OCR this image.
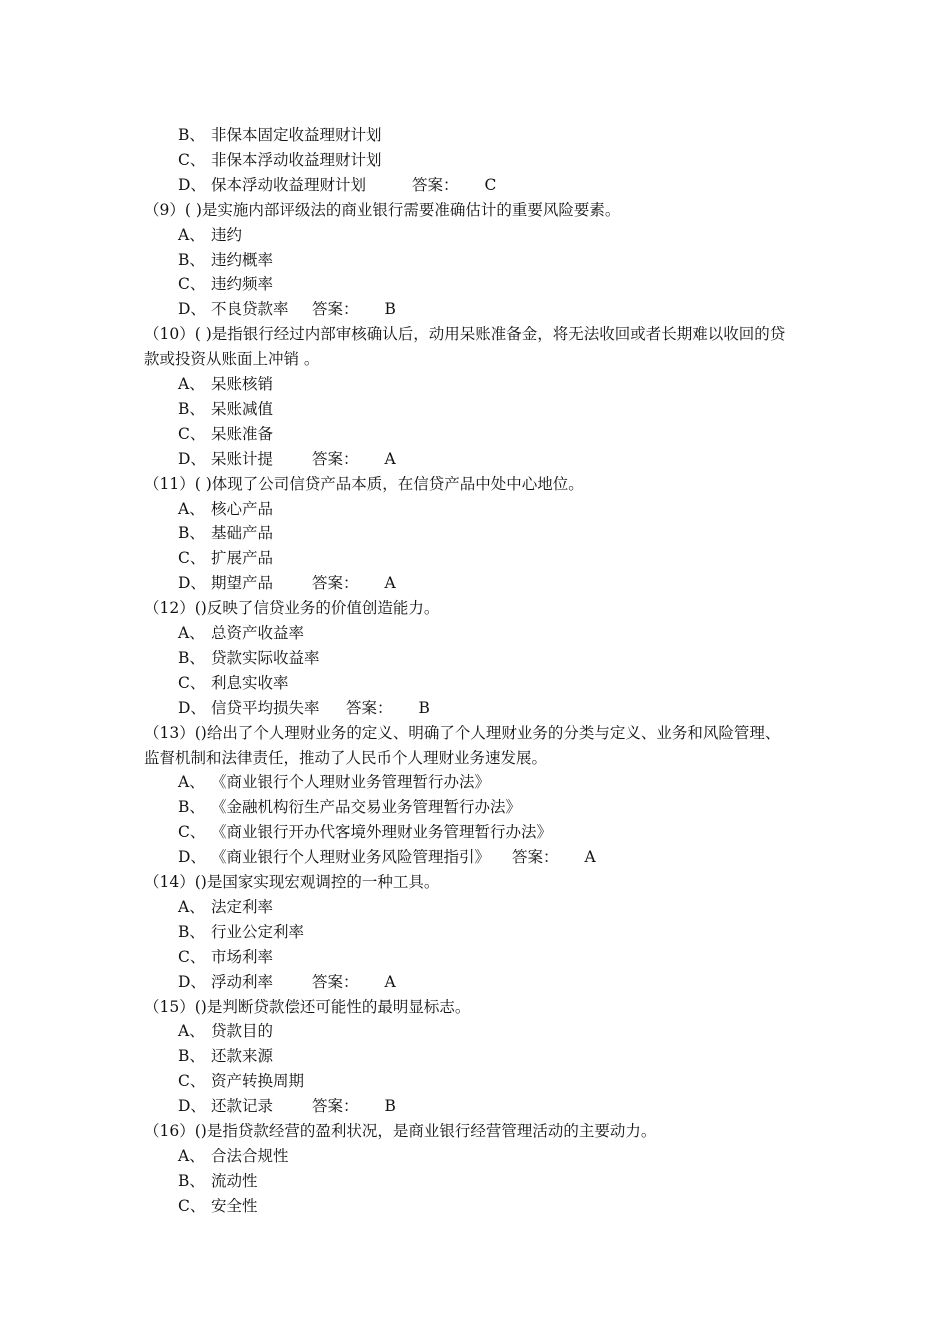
B、 非保本固定收益理财计划
C、 非保本浮动收益理财计划
D、 保本浮动收益理财计划	答案： C
（9）( )是实施内部评级法的商业银行需要准确估计的重要风险要素。
A、 违约
B、 违约概率
C、 违约频率
D、 不良贷款率 答案： B
（10）( )是指银行经过内部审核确认后，动用呆账准备金，将无法收回或者长期难以收回的贷
款或投资从账面上冲销 。
A、 呆账核销
B、 呆账减值
C、 呆账准备
D、 呆账计提	答案： A
（11）( )体现了公司信贷产品本质，在信贷产品中处中心地位。
A、 核心产品
B、 基础产品
C、 扩展产品
D、 期望产品	答案： A
（12）()反映了信贷业务的价值创造能力。
A、 总资产收益率
B、 贷款实际收益率
C、 利息实收率
D、 信贷平均损失率 答案： B
（13）()给出了个人理财业务的定义、明确了个人理财业务的分类与定义、业务和风险管理、
监督机制和法律责任，推动了人民币个人理财业务速发展。
A、 《商业银行个人理财业务管理暂行办法》
B、 《金融机构衍生产品交易业务管理暂行办法》
C、 《商业银行开办代客境外理财业务管理暂行办法》
D、 《商业银行个人理财业务风险管理指引》 答案： A
（14）()是国家实现宏观调控的一种工具。
A、 法定利率
B、 行业公定利率
C、 市场利率
D、 浮动利率	答案： A
（15）()是判断贷款偿还可能性的最明显标志。
A、 贷款目的
B、 还款来源
C、 资产转换周期
D、 还款记录	答案： B
（16）()是指贷款经营的盈利状况，是商业银行经营管理活动的主要动力。
A、 合法合规性
B、 流动性
C、 安全性
